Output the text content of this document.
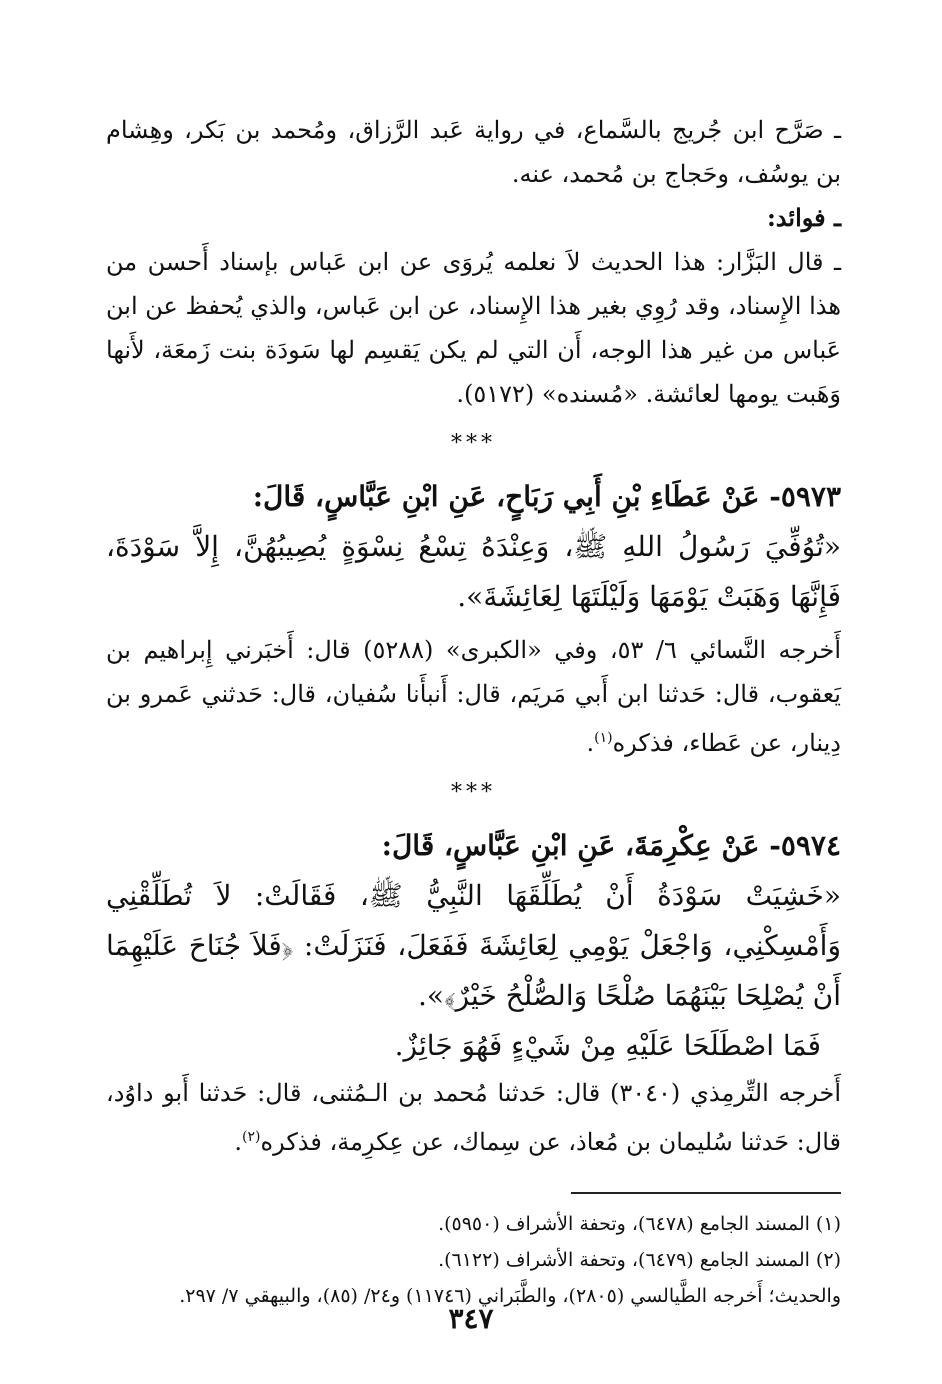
ـ صَرَّح ابن جُريج بالسَّماع، في رواية عَبد الرَّزاق، ومُحمد بن بَكر، وهِشام بن يوسُف، وحَجاج بن مُحمد، عنه.

ـ فوائد:

ـ قال البَزَّار: هذا الحديث لاَ نعلمه يُروَى عن ابن عَباس بإسناد أَحسن من هذا الإِسناد، وقد رُوِي بغير هذا الإِسناد، عن ابن عَباس، والذي يُحفظ عن ابن عَباس من غير هذا الوجه، أَن التي لم يكن يَقسِم لها سَودَة بنت زَمعَة، لأَنها وَهَبت يومها لعائشة. «مُسنده» (٥١٧٢).

***

٥٩٧٣- عَنْ عَطَاءِ بْنِ أَبِي رَبَاحٍ، عَنِ ابْنِ عَبَّاسٍ، قَالَ:

«تُوُفِّيَ رَسُولُ اللهِ ﷺ، وَعِنْدَهُ تِسْعُ نِسْوَةٍ يُصِيبُهُنَّ، إِلاَّ سَوْدَةَ، فَإِنَّهَا وَهَبَتْ يَوْمَهَا وَلَيْلَتَهَا لِعَائِشَةَ».

أَخرجه النَّسائي ٦/ ٥٣، وفي «الكبرى» (٥٢٨٨) قال: أَخبَرني إِبراهيم بن يَعقوب، قال: حَدثنا ابن أَبي مَريَم، قال: أَنبأَنا سُفيان، قال: حَدثني عَمرو بن دِينار، عن عَطاء، فذكره$^{(١)}$.

***

٥٩٧٤- عَنْ عِكْرِمَةَ، عَنِ ابْنِ عَبَّاسٍ، قَالَ:

«خَشِيَتْ سَوْدَةُ أَنْ يُطَلِّقَهَا النَّبِيُّ ﷺ، فَقَالَتْ: لاَ تُطَلِّقْنِي وَأَمْسِكْنِي، وَاجْعَلْ يَوْمِي لِعَائِشَةَ فَفَعَلَ، فَنَزَلَتْ: ﴿فَلاَ جُنَاحَ عَلَيْهِمَا أَنْ يُصْلِحَا بَيْنَهُمَا صُلْحًا وَالصُّلْحُ خَيْرٌ﴾».

فَمَا اصْطَلَحَا عَلَيْهِ مِنْ شَيْءٍ فَهُوَ جَائِزٌ.

أَخرجه التِّرمِذي (٣٠٤٠) قال: حَدثنا مُحمد بن الـمُثنى، قال: حَدثنا أَبو داوُد، قال: حَدثنا سُليمان بن مُعاذ، عن سِماك، عن عِكرِمة، فذكره$^{(٢)}$.

(١) المسند الجامع (٦٤٧٨)، وتحفة الأشراف (٥٩٥٠).

(٢) المسند الجامع (٦٤٧٩)، وتحفة الأشراف (٦١٢٢).

والحديث؛ أَخرجه الطَّيالسي (٢٨٠٥)، والطَّبَراني (١١٧٤٦) و٢٤/ (٨٥)، والبيهقي ٧/ ٢٩٧.

٣٤٧
